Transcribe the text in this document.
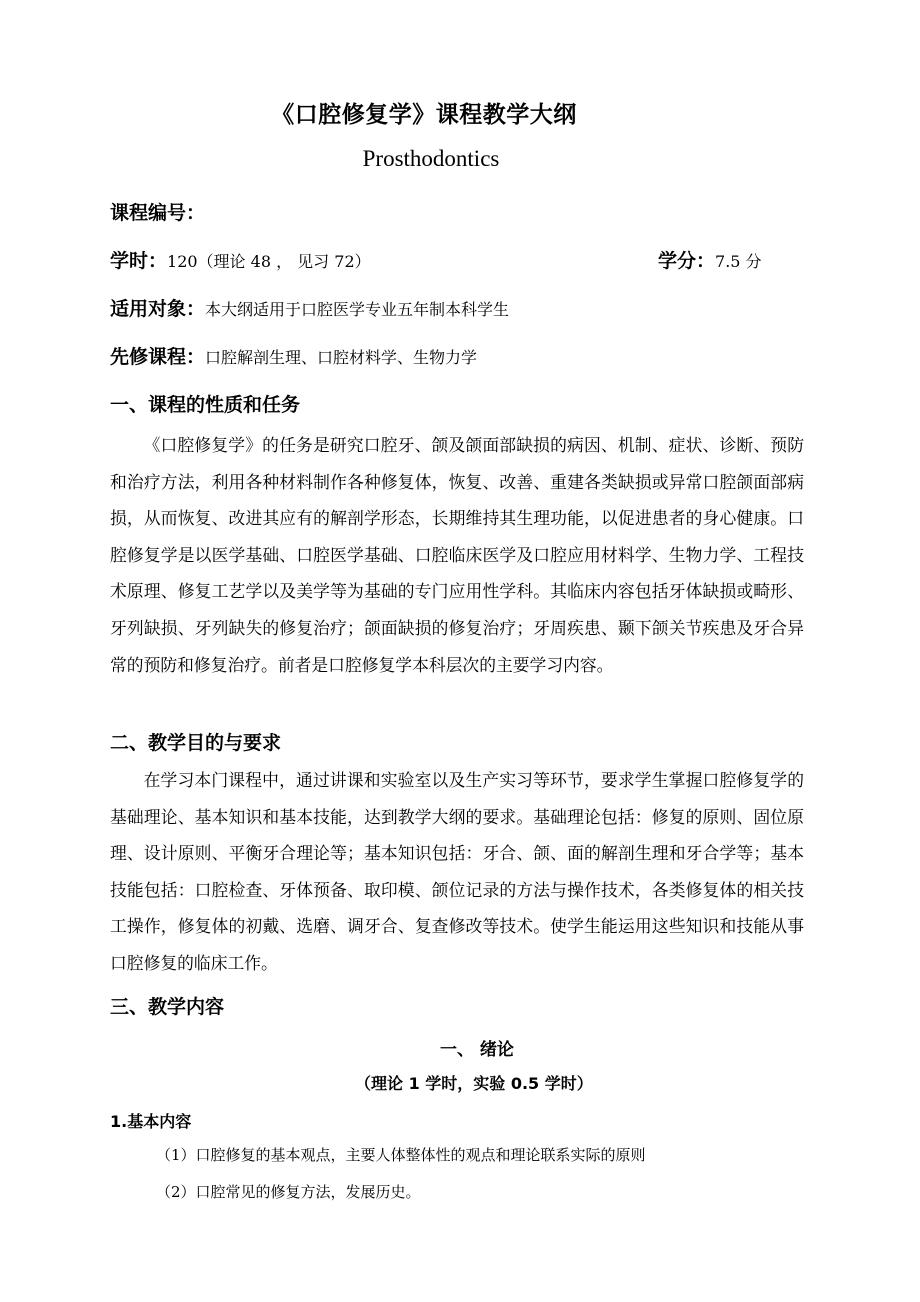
《口腔修复学》课程教学大纲
Prosthodontics
课程编号：
学时：120（理论 48 ， 见习 72）	学分：7.5 分
适用对象：本大纲适用于口腔医学专业五年制本科学生
先修课程：口腔解剖生理、口腔材料学、生物力学
一、课程的性质和任务
《口腔修复学》的任务是研究口腔牙、颌及颌面部缺损的病因、机制、症状、诊断、预防和治疗方法，利用各种材料制作各种修复体，恢复、改善、重建各类缺损或异常口腔颌面部病损，从而恢复、改进其应有的解剖学形态，长期维持其生理功能，以促进患者的身心健康。口腔修复学是以医学基础、口腔医学基础、口腔临床医学及口腔应用材料学、生物力学、工程技术原理、修复工艺学以及美学等为基础的专门应用性学科。其临床内容包括牙体缺损或畸形、牙列缺损、牙列缺失的修复治疗；颌面缺损的修复治疗；牙周疾患、颞下颌关节疾患及牙合异常的预防和修复治疗。前者是口腔修复学本科层次的主要学习内容。
二、教学目的与要求
在学习本门课程中，通过讲课和实验室以及生产实习等环节，要求学生掌握口腔修复学的基础理论、基本知识和基本技能，达到教学大纲的要求。基础理论包括：修复的原则、固位原理、设计原则、平衡牙合理论等；基本知识包括：牙合、颌、面的解剖生理和牙合学等；基本技能包括：口腔检查、牙体预备、取印模、颌位记录的方法与操作技术，各类修复体的相关技工操作，修复体的初戴、选磨、调牙合、复查修改等技术。使学生能运用这些知识和技能从事口腔修复的临床工作。
三、教学内容
一、 绪论
（理论 1 学时，实验 0.5 学时）
1.基本内容
（1）口腔修复的基本观点，主要人体整体性的观点和理论联系实际的原则
（2）口腔常见的修复方法，发展历史。
